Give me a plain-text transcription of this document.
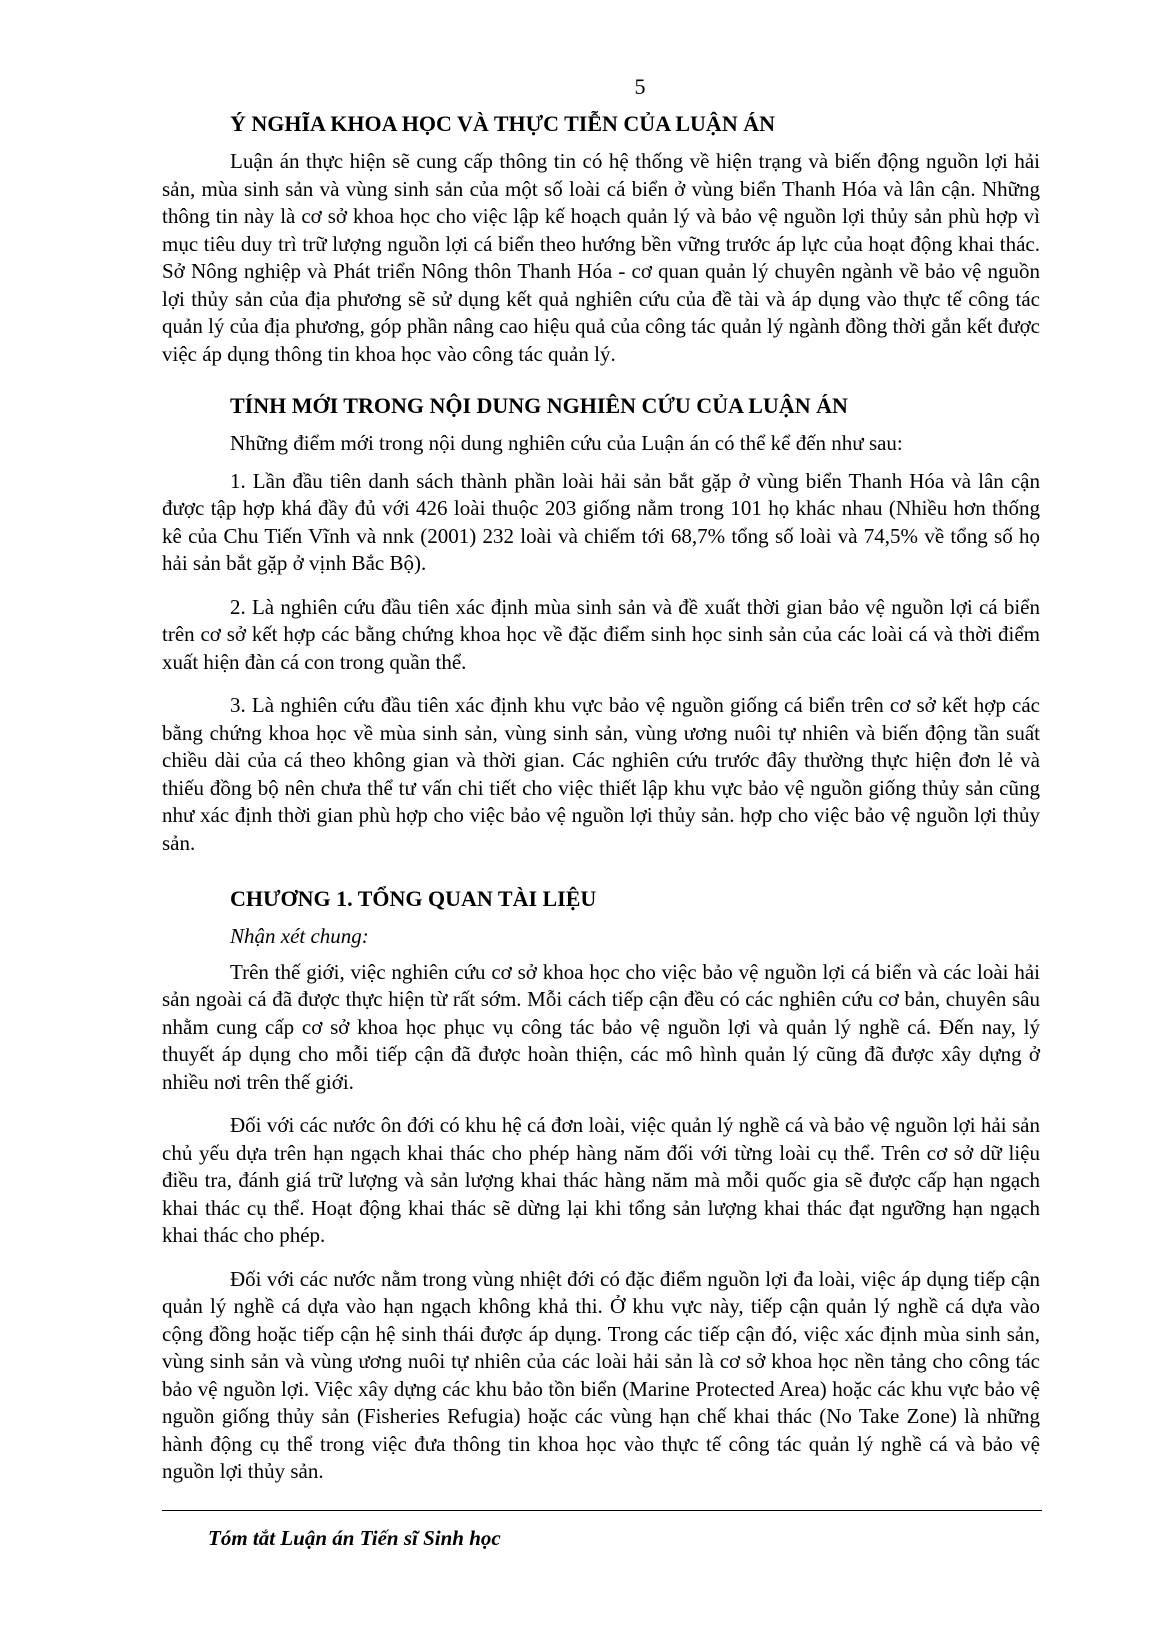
5
Ý NGHĨA KHOA HỌC VÀ THỰC TIỄN CỦA LUẬN ÁN

Luận án thực hiện sẽ cung cấp thông tin có hệ thống về hiện trạng và biến động nguồn lợi hải sản, mùa sinh sản và vùng sinh sản của một số loài cá biển ở vùng biển Thanh Hóa và lân cận. Những thông tin này là cơ sở khoa học cho việc lập kế hoạch quản lý và bảo vệ nguồn lợi thủy sản phù hợp vì mục tiêu duy trì trữ lượng nguồn lợi cá biển theo hướng bền vững trước áp lực của hoạt động khai thác. Sở Nông nghiệp và Phát triển Nông thôn Thanh Hóa - cơ quan quản lý chuyên ngành về bảo vệ nguồn lợi thủy sản của địa phương sẽ sử dụng kết quả nghiên cứu của đề tài và áp dụng vào thực tế công tác quản lý của địa phương, góp phần nâng cao hiệu quả của công tác quản lý ngành đồng thời gắn kết được việc áp dụng thông tin khoa học vào công tác quản lý.

TÍNH MỚI TRONG NỘI DUNG NGHIÊN CỨU CỦA LUẬN ÁN

Những điểm mới trong nội dung nghiên cứu của Luận án có thể kể đến như sau:

1. Lần đầu tiên danh sách thành phần loài hải sản bắt gặp ở vùng biển Thanh Hóa và lân cận được tập hợp khá đầy đủ với 426 loài thuộc 203 giống nằm trong 101 họ khác nhau (Nhiều hơn thống kê của Chu Tiến Vĩnh và nnk (2001) 232 loài và chiếm tới 68,7% tổng số loài và 74,5% về tổng số họ hải sản bắt gặp ở vịnh Bắc Bộ).

2. Là nghiên cứu đầu tiên xác định mùa sinh sản và đề xuất thời gian bảo vệ nguồn lợi cá biển trên cơ sở kết hợp các bằng chứng khoa học về đặc điểm sinh học sinh sản của các loài cá và thời điểm xuất hiện đàn cá con trong quần thể.

3. Là nghiên cứu đầu tiên xác định khu vực bảo vệ nguồn giống cá biển trên cơ sở kết hợp các bằng chứng khoa học về mùa sinh sản, vùng sinh sản, vùng ương nuôi tự nhiên và biến động tần suất chiều dài của cá theo không gian và thời gian. Các nghiên cứu trước đây thường thực hiện đơn lẻ và thiếu đồng bộ nên chưa thể tư vấn chi tiết cho việc thiết lập khu vực bảo vệ nguồn giống thủy sản cũng như xác định thời gian phù hợp cho việc bảo vệ nguồn lợi thủy sản. hợp cho việc bảo vệ nguồn lợi thủy sản.

CHƯƠNG 1. TỔNG QUAN TÀI LIỆU

Nhận xét chung:

Trên thế giới, việc nghiên cứu cơ sở khoa học cho việc bảo vệ nguồn lợi cá biển và các loài hải sản ngoài cá đã được thực hiện từ rất sớm. Mỗi cách tiếp cận đều có các nghiên cứu cơ bản, chuyên sâu nhằm cung cấp cơ sở khoa học phục vụ công tác bảo vệ nguồn lợi và quản lý nghề cá. Đến nay, lý thuyết áp dụng cho mỗi tiếp cận đã được hoàn thiện, các mô hình quản lý cũng đã được xây dựng ở nhiều nơi trên thế giới.

Đối với các nước ôn đới có khu hệ cá đơn loài, việc quản lý nghề cá và bảo vệ nguồn lợi hải sản chủ yếu dựa trên hạn ngạch khai thác cho phép hàng năm đối với từng loài cụ thể. Trên cơ sở dữ liệu điều tra, đánh giá trữ lượng và sản lượng khai thác hàng năm mà mỗi quốc gia sẽ được cấp hạn ngạch khai thác cụ thể. Hoạt động khai thác sẽ dừng lại khi tổng sản lượng khai thác đạt ngưỡng hạn ngạch khai thác cho phép.

Đối với các nước nằm trong vùng nhiệt đới có đặc điểm nguồn lợi đa loài, việc áp dụng tiếp cận quản lý nghề cá dựa vào hạn ngạch không khả thi. Ở khu vực này, tiếp cận quản lý nghề cá dựa vào cộng đồng hoặc tiếp cận hệ sinh thái được áp dụng. Trong các tiếp cận đó, việc xác định mùa sinh sản, vùng sinh sản và vùng ương nuôi tự nhiên của các loài hải sản là cơ sở khoa học nền tảng cho công tác bảo vệ nguồn lợi. Việc xây dựng các khu bảo tồn biển (Marine Protected Area) hoặc các khu vực bảo vệ nguồn giống thủy sản (Fisheries Refugia) hoặc các vùng hạn chế khai thác (No Take Zone) là những hành động cụ thể trong việc đưa thông tin khoa học vào thực tế công tác quản lý nghề cá và bảo vệ nguồn lợi thủy sản.

Tóm tắt Luận án Tiến sĩ Sinh học
